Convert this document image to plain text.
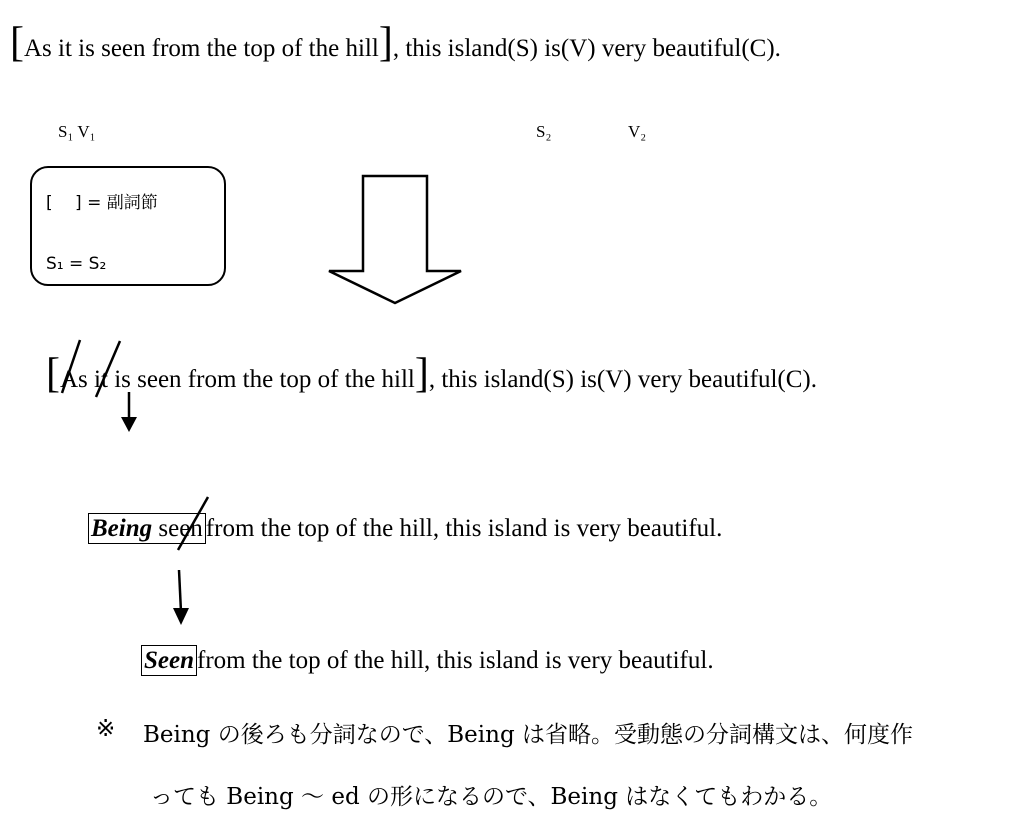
[As it is seen from the top of the hill], this island(S) is(V) very beautiful(C).
S₁ V₁	S₂	V₂
[　 ] = 副詞節
S₁ = S₂
[As it is seen from the top of the hill], this island(S) is(V) very beautiful(C).
Being seen from the top of the hill, this island is very beautiful.
Seen from the top of the hill, this island is very beautiful.
※ Being の後ろも分詞なので、Being は省略。受動態の分詞構文は、何度作
っても Being 〜 ed の形になるので、Being はなくてもわかる。
